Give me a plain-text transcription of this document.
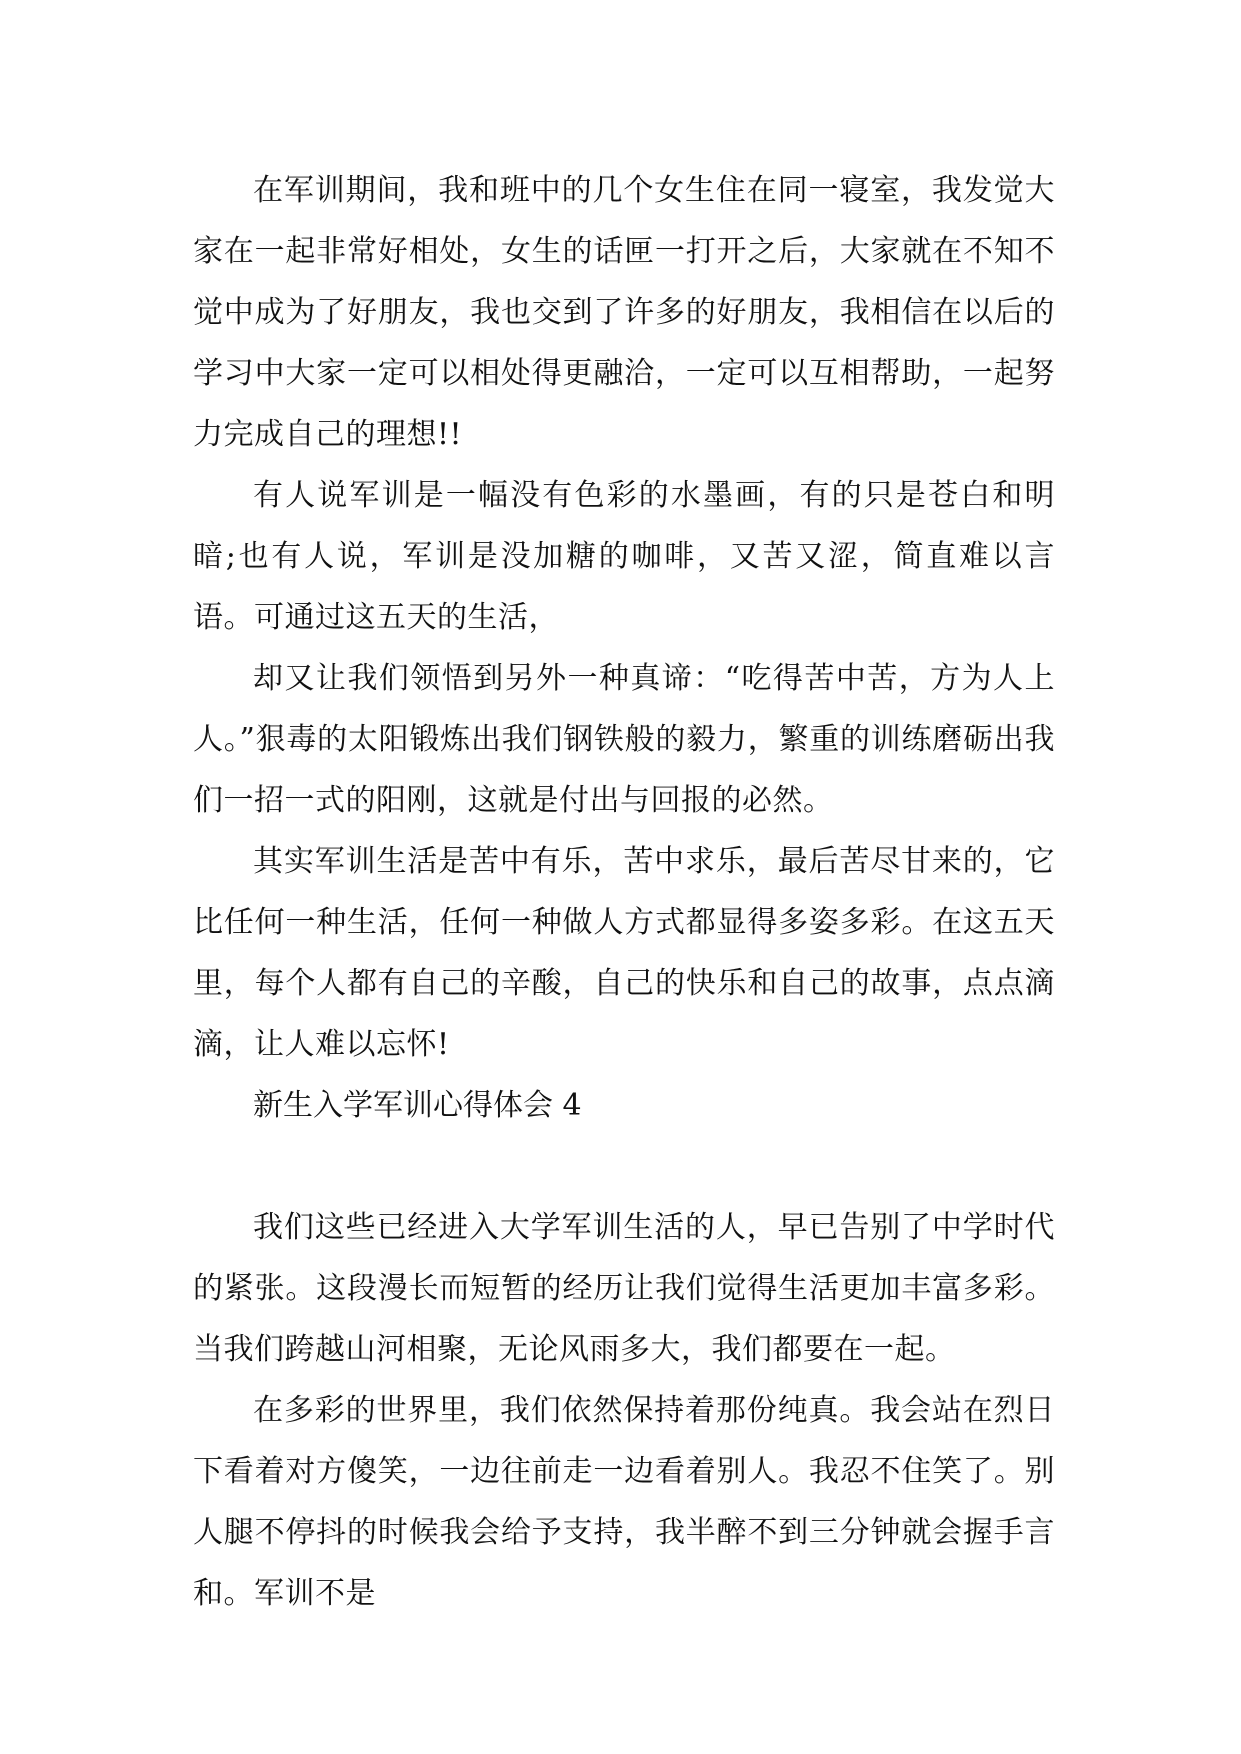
在军训期间，我和班中的几个女生住在同一寝室，我发觉大家在一起非常好相处，女生的话匣一打开之后，大家就在不知不觉中成为了好朋友，我也交到了许多的好朋友，我相信在以后的学习中大家一定可以相处得更融洽，一定可以互相帮助，一起努力完成自己的理想!!

有人说军训是一幅没有色彩的水墨画，有的只是苍白和明暗;也有人说，军训是没加糖的咖啡，又苦又涩，简直难以言语。可通过这五天的生活，

却又让我们领悟到另外一种真谛：“吃得苦中苦，方为人上人。”狠毒的太阳锻炼出我们钢铁般的毅力，繁重的训练磨砺出我们一招一式的阳刚，这就是付出与回报的必然。

其实军训生活是苦中有乐，苦中求乐，最后苦尽甘来的，它比任何一种生活，任何一种做人方式都显得多姿多彩。在这五天里，每个人都有自己的辛酸，自己的快乐和自己的故事，点点滴滴，让人难以忘怀!

新生入学军训心得体会 4

我们这些已经进入大学军训生活的人，早已告别了中学时代的紧张。这段漫长而短暂的经历让我们觉得生活更加丰富多彩。当我们跨越山河相聚，无论风雨多大，我们都要在一起。

在多彩的世界里，我们依然保持着那份纯真。我会站在烈日下看着对方傻笑，一边往前走一边看着别人。我忍不住笑了。别人腿不停抖的时候我会给予支持，我半醉不到三分钟就会握手言和。军训不是
